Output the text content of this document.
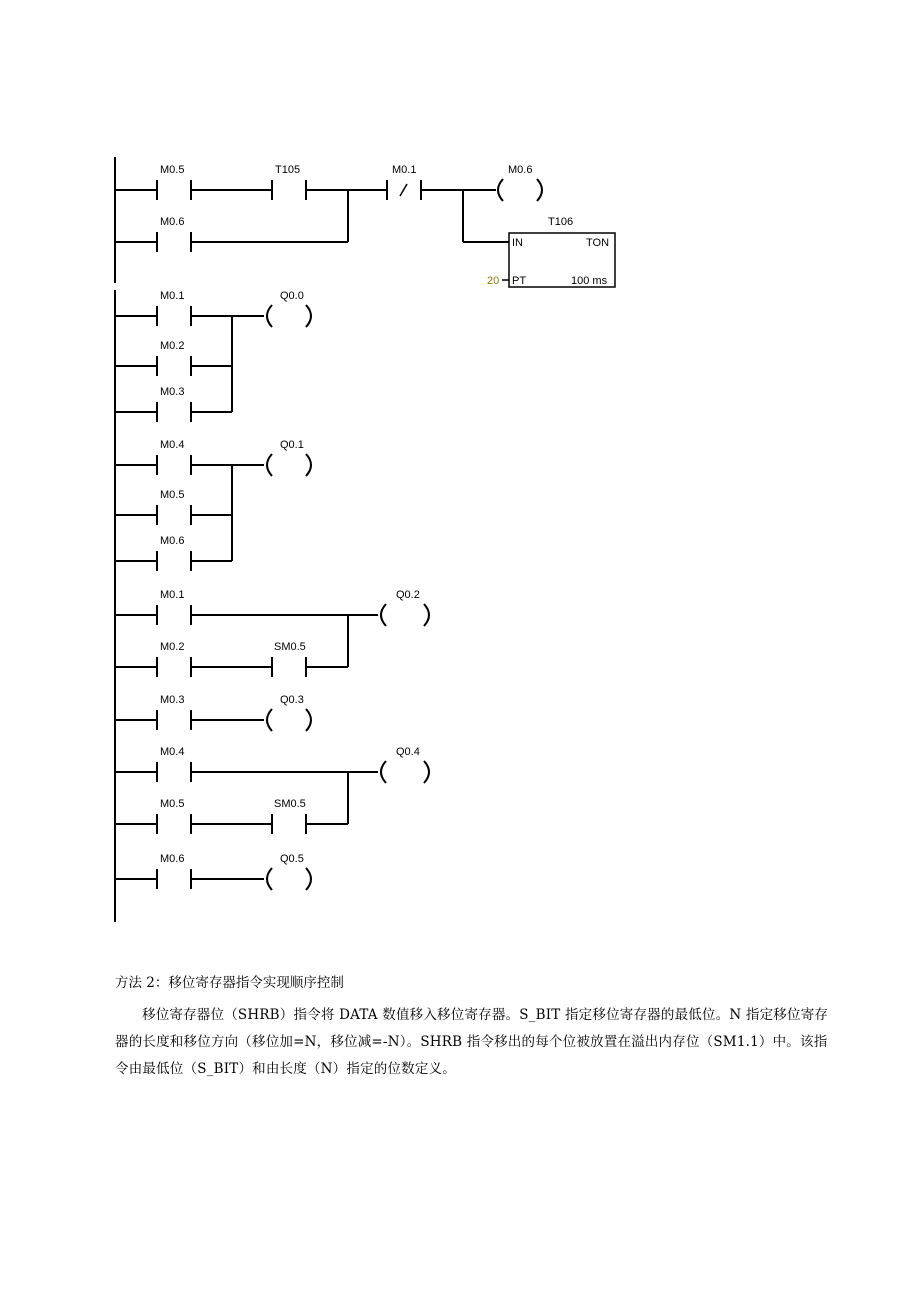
M0.5	T105	M0.1	M0.6
M0.6	T106
IN	TON
20 PT	100 ms
M0.1	Q0.0
M0.2
M0.3
M0.4	Q0.1
M0.5
M0.6
M0.1	Q0.2
M0.2	SM0.5
M0.3	Q0.3
M0.4	Q0.4
M0.5	SM0.5
M0.6	Q0.5

方法 2：移位寄存器指令实现顺序控制

移位寄存器位（SHRB）指令将 DATA 数值移入移位寄存器。S_BIT 指定移位寄存器的最低位。N 指定移位寄存器的长度和移位方向（移位加=N，移位减=-N）。SHRB 指令移出的每个位被放置在溢出内存位（SM1.1）中。该指令由最低位（S_BIT）和由长度（N）指定的位数定义。
